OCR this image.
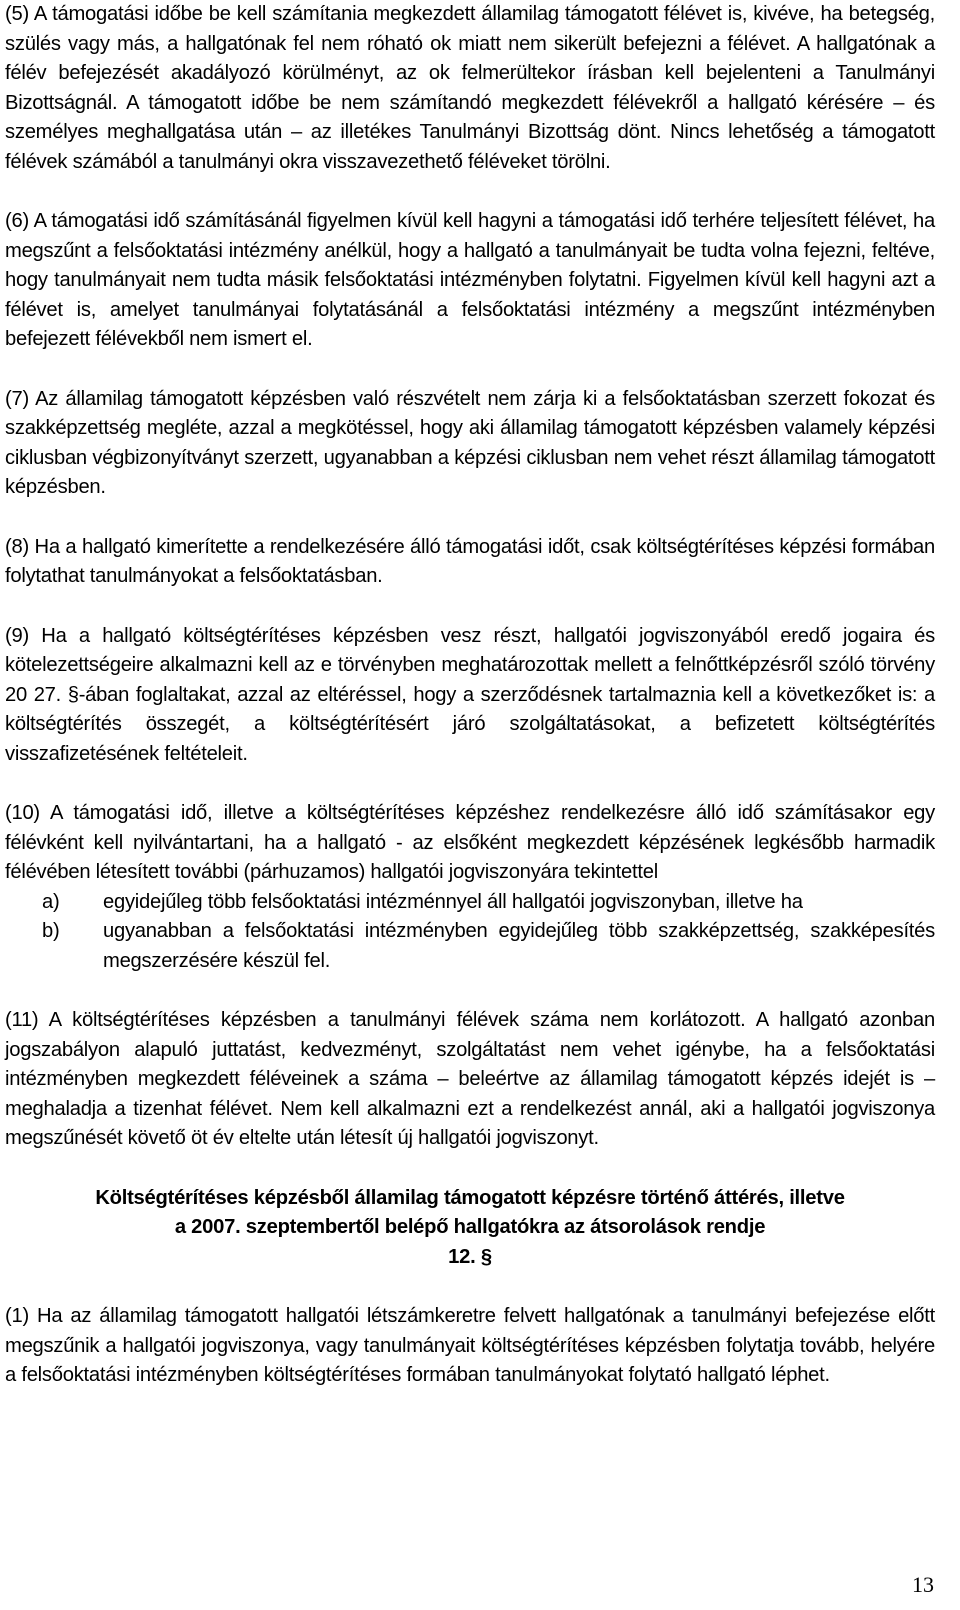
(5) A támogatási időbe be kell számítania megkezdett államilag támogatott félévet is, kivéve, ha betegség, szülés vagy más, a hallgatónak fel nem róható ok miatt nem sikerült befejezni a félévet. A hallgatónak a félév befejezését akadályozó körülményt, az ok felmerültekor írásban kell bejelenteni a Tanulmányi Bizottságnál. A támogatott időbe be nem számítandó megkezdett félévekről a hallgató kérésére – és személyes meghallgatása után – az illetékes Tanulmányi Bizottság dönt. Nincs lehetőség a támogatott félévek számából a tanulmányi okra visszavezethető féléveket törölni.

(6) A támogatási idő számításánál figyelmen kívül kell hagyni a támogatási idő terhére teljesített félévet, ha megszűnt a felsőoktatási intézmény anélkül, hogy a hallgató a tanulmányait be tudta volna fejezni, feltéve, hogy tanulmányait nem tudta másik felsőoktatási intézményben folytatni. Figyelmen kívül kell hagyni azt a félévet is, amelyet tanulmányai folytatásánál a felsőoktatási intézmény a megszűnt intézményben befejezett félévekből nem ismert el.

(7) Az államilag támogatott képzésben való részvételt nem zárja ki a felsőoktatásban szerzett fokozat és szakképzettség megléte, azzal a megkötéssel, hogy aki államilag támogatott képzésben valamely képzési ciklusban végbizonyítványt szerzett, ugyanabban a képzési ciklusban nem vehet részt államilag támogatott képzésben.

(8) Ha a hallgató kimerítette a rendelkezésére álló támogatási időt, csak költségtérítéses képzési formában folytathat tanulmányokat a felsőoktatásban.

(9) Ha a hallgató költségtérítéses képzésben vesz részt, hallgatói jogviszonyából eredő jogaira és kötelezettségeire alkalmazni kell az e törvényben meghatározottak mellett a felnőttképzésről szóló törvény 20 27. §-ában foglaltakat, azzal az eltéréssel, hogy a szerződésnek tartalmaznia kell a következőket is: a költségtérítés összegét, a költségtérítésért járó szolgáltatásokat, a befizetett költségtérítés visszafizetésének feltételeit.

(10) A támogatási idő, illetve a költségtérítéses képzéshez rendelkezésre álló idő számításakor egy félévként kell nyilvántartani, ha a hallgató - az elsőként megkezdett képzésének legkésőbb harmadik félévében létesített további (párhuzamos) hallgatói jogviszonyára tekintettel

a)	egyidejűleg több felsőoktatási intézménnyel áll hallgatói jogviszonyban, illetve ha
b)	ugyanabban a felsőoktatási intézményben egyidejűleg több szakképzettség, szakképesítés megszerzésére készül fel.

(11) A költségtérítéses képzésben a tanulmányi félévek száma nem korlátozott. A hallgató azonban jogszabályon alapuló juttatást, kedvezményt, szolgáltatást nem vehet igénybe, ha a felsőoktatási intézményben megkezdett féléveinek a száma – beleértve az államilag támogatott képzés idejét is – meghaladja a tizenhat félévet. Nem kell alkalmazni ezt a rendelkezést annál, aki a hallgatói jogviszonya megszűnését követő öt év eltelte után létesít új hallgatói jogviszonyt.

Költségtérítéses képzésből államilag támogatott képzésre történő áttérés, illetve
a 2007. szeptembertől belépő hallgatókra az átsorolások rendje
12. §

(1) Ha az államilag támogatott hallgatói létszámkeretre felvett hallgatónak a tanulmányi befejezése előtt megszűnik a hallgatói jogviszonya, vagy tanulmányait költségtérítéses képzésben folytatja tovább, helyére a felsőoktatási intézményben költségtérítéses formában tanulmányokat folytató hallgató léphet.

13
